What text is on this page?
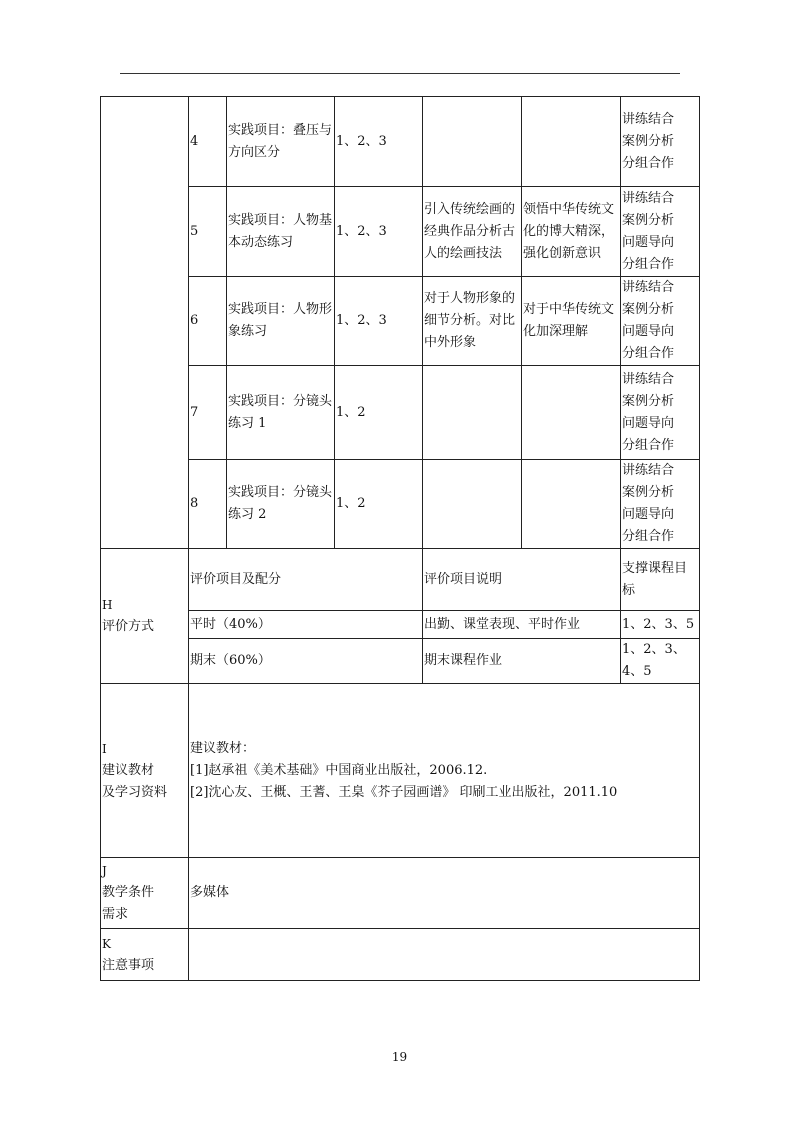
	4	实践项目：叠压与方向区分	1、2、3			讲练结合
案例分析
分组合作

	5	实践项目：人物基本动态练习	1、2、3	引入传统绘画的经典作品分析古人的绘画技法	领悟中华传统文化的博大精深，强化创新意识	讲练结合
案例分析
问题导向
分组合作

	6	实践项目：人物形象练习	1、2、3	对于人物形象的细节分析。对比中外形象	对于中华传统文化加深理解	讲练结合
案例分析
问题导向
分组合作

	7	实践项目：分镜头练习 1	1、2			讲练结合
案例分析
问题导向
分组合作

	8	实践项目：分镜头练习 2	1、2			讲练结合
案例分析
问题导向
分组合作

H
评价方式	评价项目及配分			评价项目说明		支撑课程目标
	平时（40%）			出勤、课堂表现、平时作业		1、2、3、5
	期末（60%）			期末课程作业		1、2、3、4、5

I
建议教材
及学习资料	建议教材：
[1]赵承祖《美术基础》中国商业出版社，2006.12.
[2]沈心友、王概、王蓍、王臬《芥子园画谱》 印刷工业出版社，2011.10					

J
教学条件
需求	多媒体					

K
注意事项						

19
